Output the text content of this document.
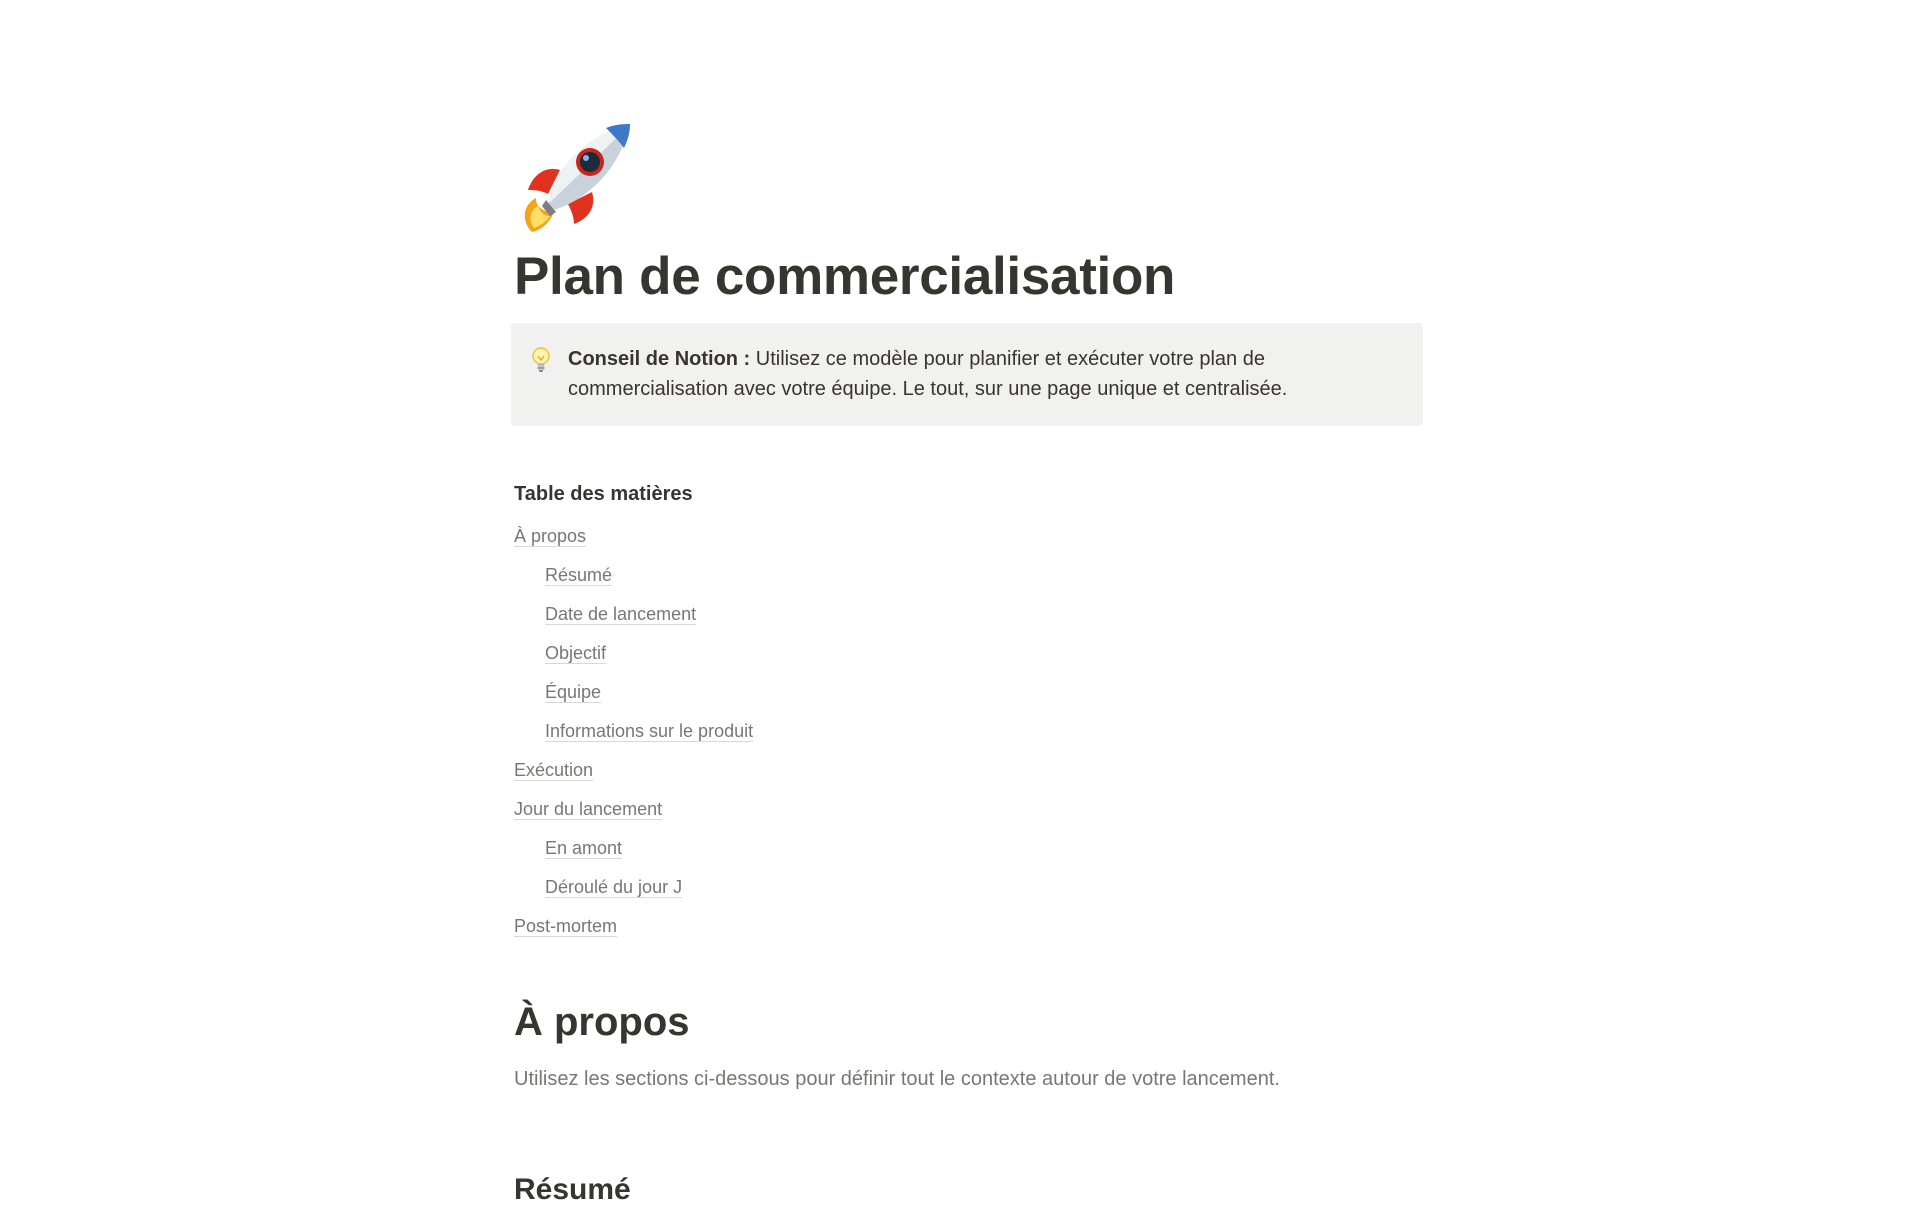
Plan de commercialisation
Conseil de Notion : Utilisez ce modèle pour planifier et exécuter votre plan de commercialisation avec votre équipe. Le tout, sur une page unique et centralisée.
Table des matières
À propos
Résumé
Date de lancement
Objectif
Équipe
Informations sur le produit
Exécution
Jour du lancement
En amont
Déroulé du jour J
Post-mortem
À propos

Utilisez les sections ci-dessous pour définir tout le contexte autour de votre lancement.

Résumé
